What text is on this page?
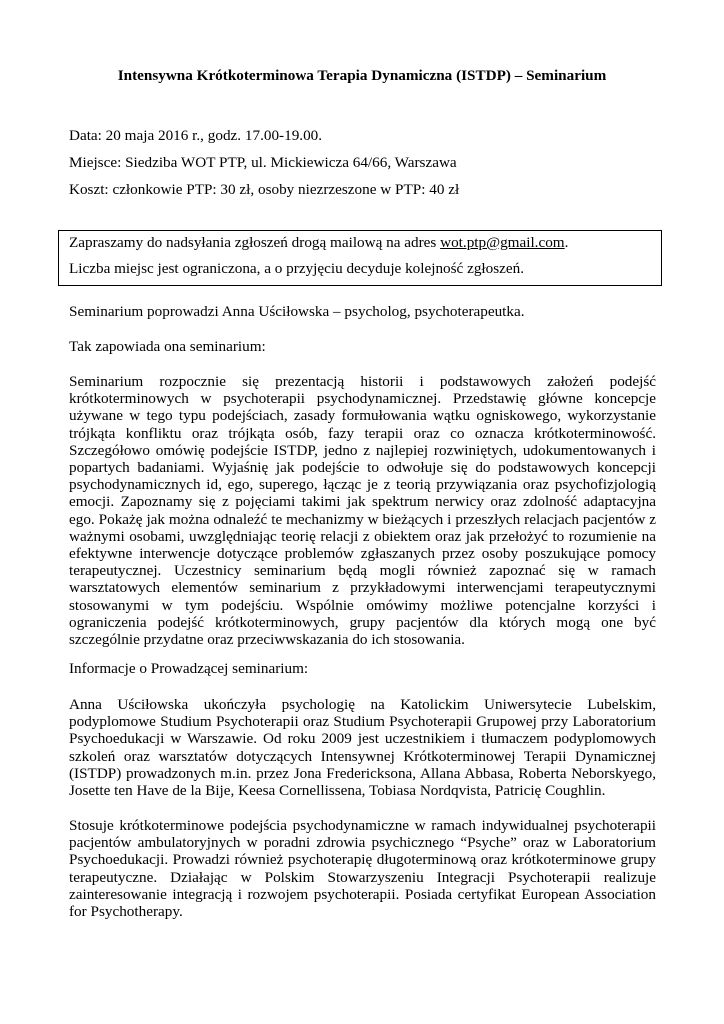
Intensywna Krótkoterminowa Terapia Dynamiczna (ISTDP) – Seminarium

Data: 20 maja 2016 r., godz. 17.00-19.00.

Miejsce: Siedziba WOT PTP, ul. Mickiewicza 64/66, Warszawa

Koszt: członkowie PTP: 30 zł, osoby niezrzeszone w PTP: 40 zł

Zapraszamy do nadsyłania zgłoszeń drogą mailową na adres wot.ptp@gmail.com.

Liczba miejsc jest ograniczona, a o przyjęciu decyduje kolejność zgłoszeń.

Seminarium poprowadzi Anna Uściłowska – psycholog, psychoterapeutka.

Tak zapowiada ona seminarium:

Seminarium rozpocznie się prezentacją historii i podstawowych założeń podejść krótkoterminowych w psychoterapii psychodynamicznej. Przedstawię główne koncepcje używane w tego typu podejściach, zasady formułowania wątku ogniskowego, wykorzystanie trójkąta konfliktu oraz trójkąta osób, fazy terapii oraz co oznacza krótkoterminowość. Szczegółowo omówię podejście ISTDP, jedno z najlepiej rozwiniętych, udokumentowanych i popartych badaniami. Wyjaśnię jak podejście to odwołuje się do podstawowych koncepcji psychodynamicznych id, ego, superego, łącząc je z teorią przywiązania oraz psychofizjologią emocji. Zapoznamy się z pojęciami takimi jak spektrum nerwicy oraz zdolność adaptacyjna ego. Pokażę jak można odnaleźć te mechanizmy w bieżących i przeszłych relacjach pacjentów z ważnymi osobami, uwzględniając teorię relacji z obiektem oraz jak przełożyć to rozumienie na efektywne interwencje dotyczące problemów zgłaszanych przez osoby poszukujące pomocy terapeutycznej. Uczestnicy seminarium będą mogli również zapoznać się w ramach warsztatowych elementów seminarium z przykładowymi interwencjami terapeutycznymi stosowanymi w tym podejściu. Wspólnie omówimy możliwe potencjalne korzyści i ograniczenia podejść krótkoterminowych, grupy pacjentów dla których mogą one być szczególnie przydatne oraz przeciwwskazania do ich stosowania.

Informacje o Prowadzącej seminarium:

Anna Uściłowska ukończyła psychologię na Katolickim Uniwersytecie Lubelskim, podyplomowe Studium Psychoterapii oraz Studium Psychoterapii Grupowej przy Laboratorium Psychoedukacji w Warszawie. Od roku 2009 jest uczestnikiem i tłumaczem podyplomowych szkoleń oraz warsztatów dotyczących Intensywnej Krótkoterminowej Terapii Dynamicznej (ISTDP) prowadzonych m.in. przez Jona Fredericksona, Allana Abbasa, Roberta Neborskyego, Josette ten Have de la Bije, Keesa Cornellissena, Tobiasa Nordqvista, Patricię Coughlin.

Stosuje krótkoterminowe podejścia psychodynamiczne w ramach indywidualnej psychoterapii pacjentów ambulatoryjnych w poradni zdrowia psychicznego “Psyche” oraz w Laboratorium Psychoedukacji. Prowadzi również psychoterapię długoterminową oraz krótkoterminowe grupy terapeutyczne. Działając w Polskim Stowarzyszeniu Integracji Psychoterapii realizuje zainteresowanie integracją i rozwojem psychoterapii. Posiada certyfikat European Association for Psychotherapy.
